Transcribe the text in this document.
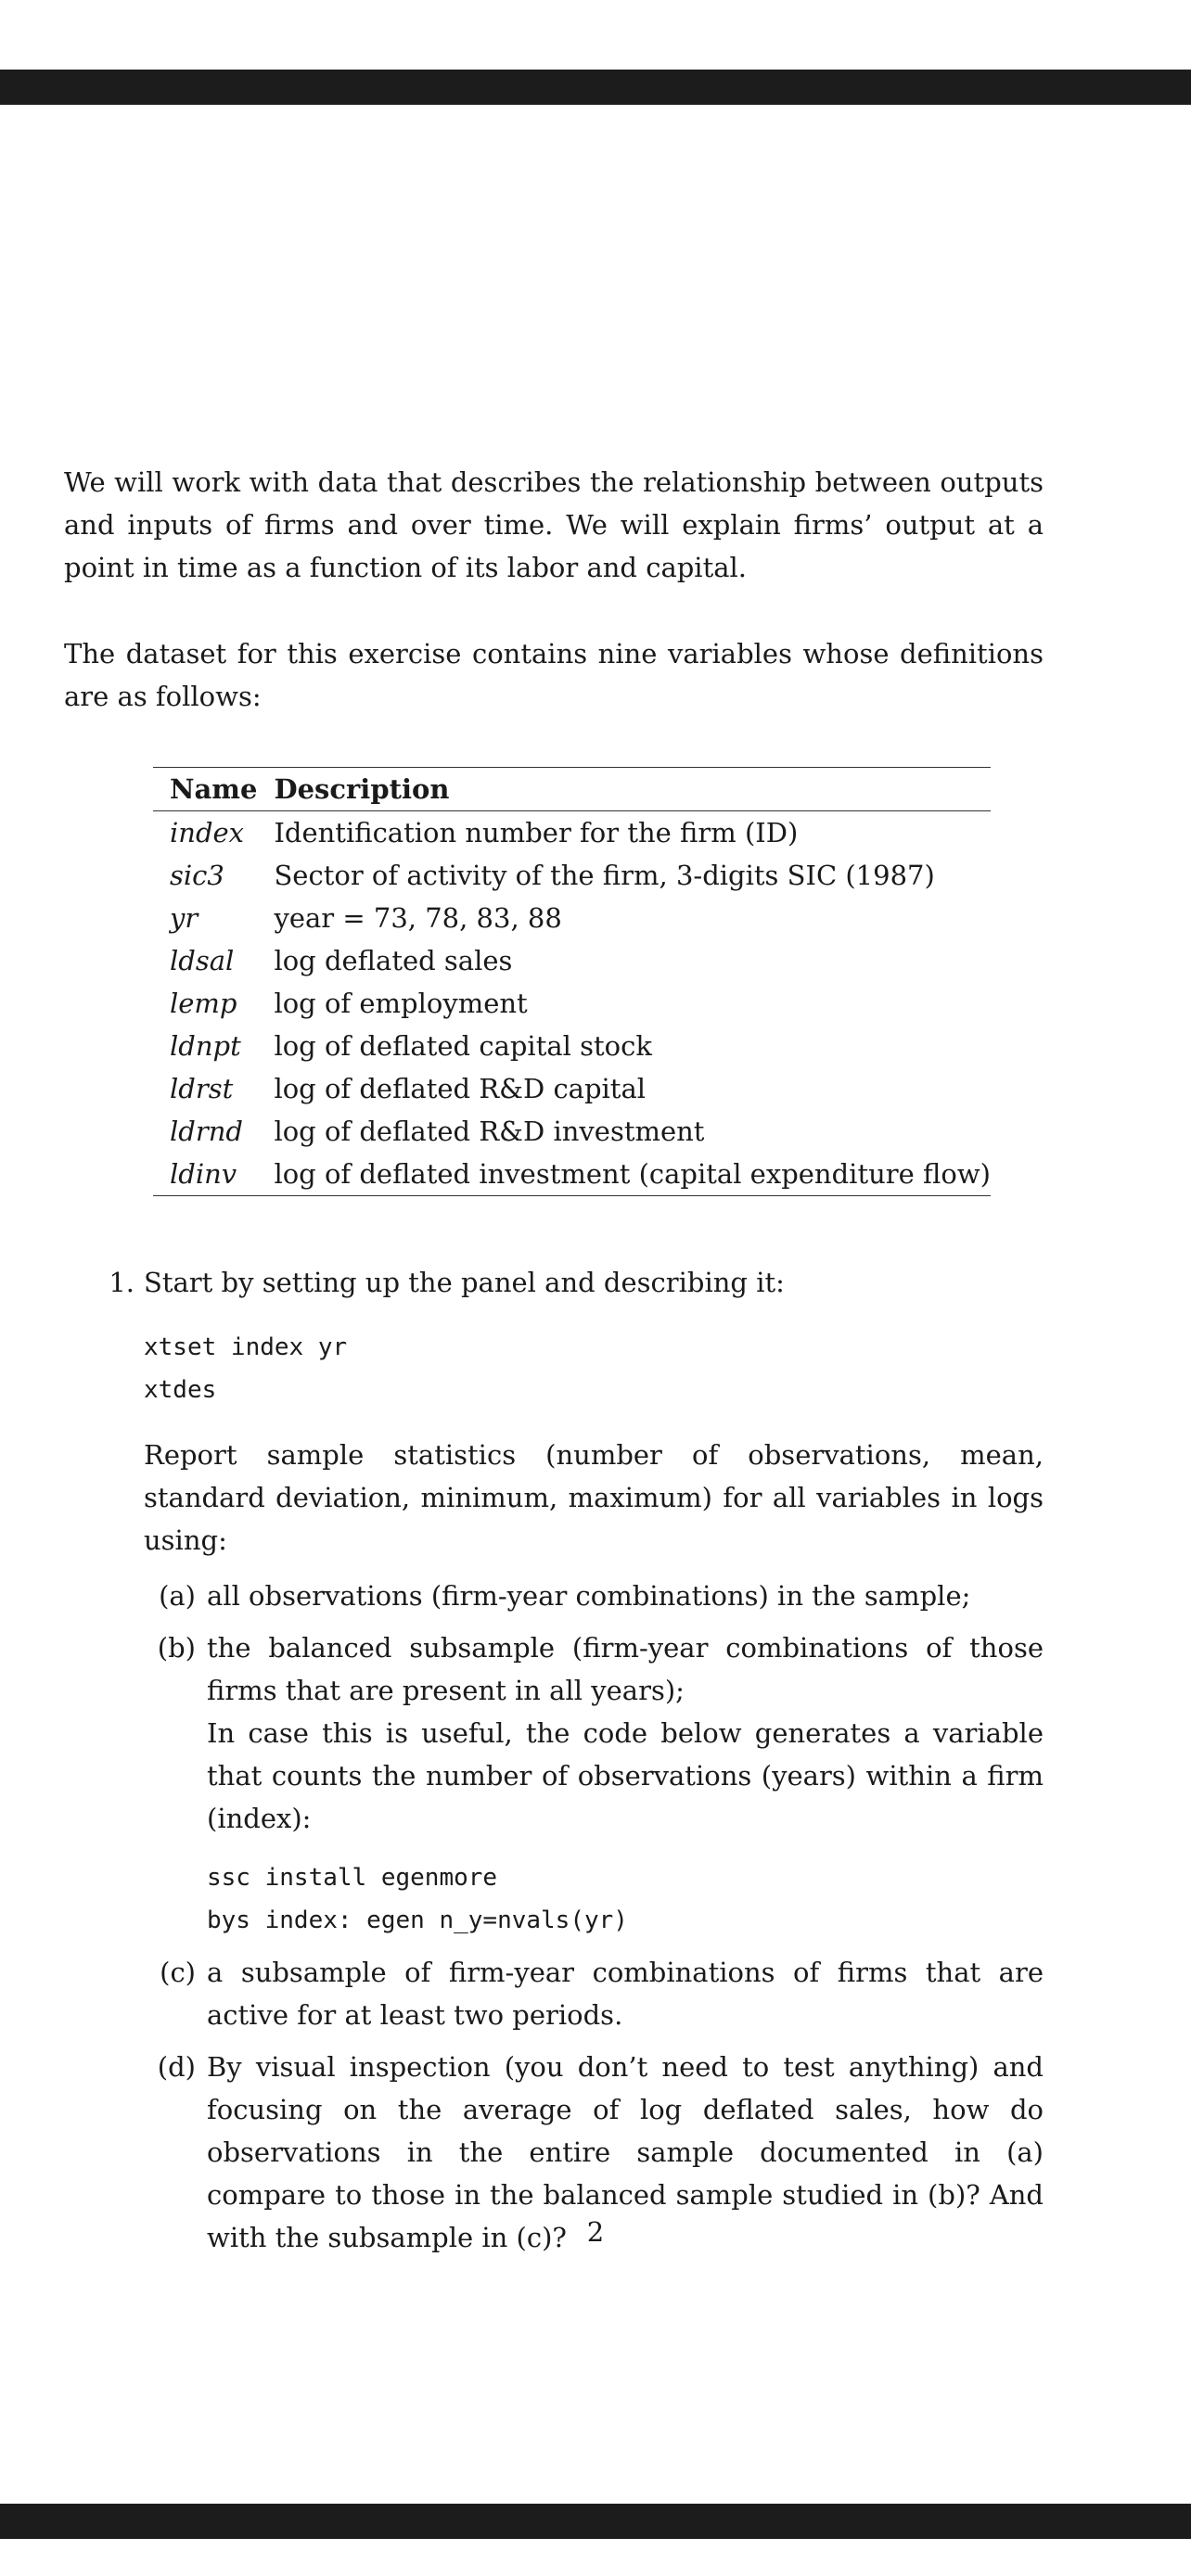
We will work with data that describes the relationship between outputs and inputs of firms and over time. We will explain firms’ output at a point in time as a function of its labor and capital.

The dataset for this exercise contains nine variables whose definitions are as follows:

Name	Description
index	Identification number for the firm (ID)
sic3	Sector of activity of the firm, 3-digits SIC (1987)
yr	year = 73, 78, 83, 88
ldsal	log deflated sales
lemp	log of employment
ldnpt	log of deflated capital stock
ldrst	log of deflated R&D capital
ldrnd	log of deflated R&D investment
ldinv	log of deflated investment (capital expenditure flow)
1. Start by setting up the panel and describing it:

xtset index yr
xtdes

Report sample statistics (number of observations, mean, standard deviation, minimum, maximum) for all variables in logs using:

(a) all observations (firm-year combinations) in the sample;

(b) the balanced subsample (firm-year combinations of those firms that are present in all years);

In case this is useful, the code below generates a variable that counts the number of observations (years) within a firm (index):

ssc install egenmore
bys index: egen n_y=nvals(yr)
(c) a subsample of firm-year combinations of firms that are active for at least two periods.

(d) By visual inspection (you don’t need to test anything) and focusing on the average of log deflated sales, how do observations in the entire sample documented in (a) compare to those in the balanced sample studied in (b)? And with the subsample in (c)? 2
